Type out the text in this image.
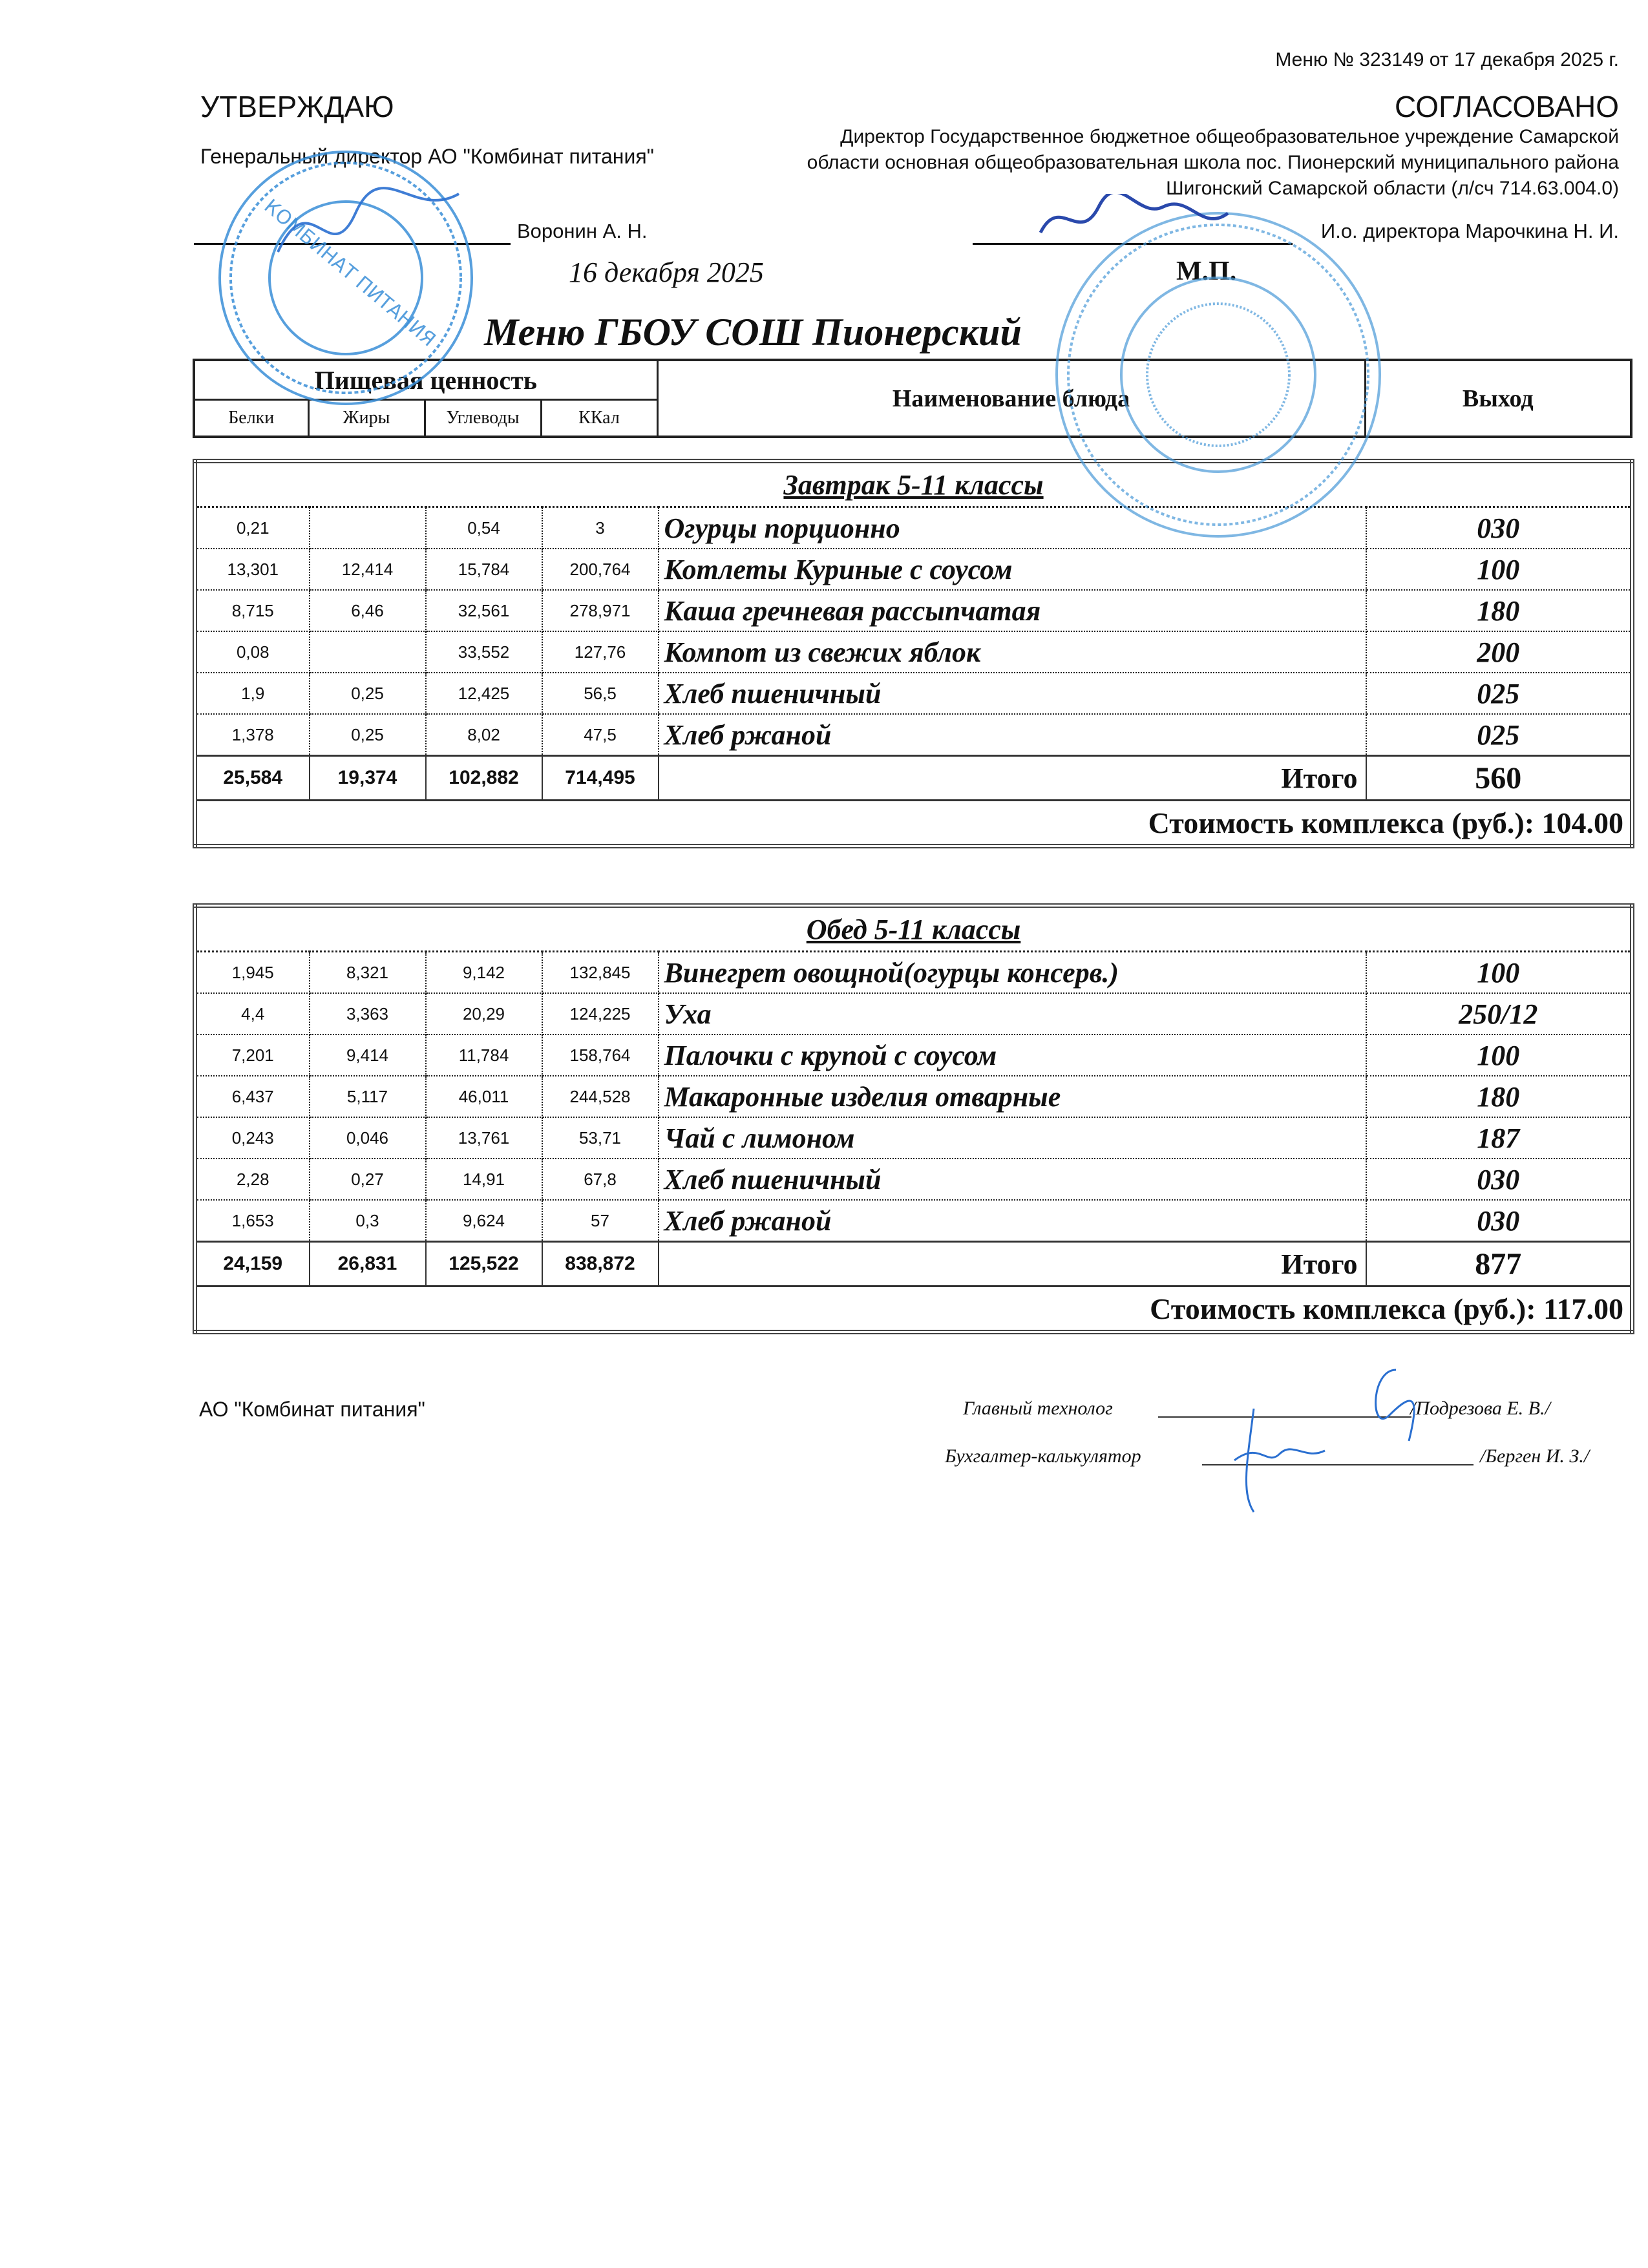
Меню № 323149 от 17 декабря 2025 г.
УТВЕРЖДАЮ
Генеральный директор АО "Комбинат питания"
Воронин А. Н.
16 декабря 2025
СОГЛАСОВАНО
Директор Государственное бюджетное общеобразовательное учреждение Самарской области основная общеобразовательная школа пос. Пионерский муниципального района Шигонский Самарской области (л/сч 714.63.004.0)
И.о. директора Марочкина Н. И.
М.П.
Меню ГБОУ СОШ Пионерский
Пищевая ценность				Наименование блюда	Выход
Белки	Жиры	Углеводы	ККал		
Завтрак 5-11 классы					
0,21		0,54	3	Огурцы порционно	030
13,301	12,414	15,784	200,764	Котлеты Куриные с соусом	100
8,715	6,46	32,561	278,971	Каша гречневая рассыпчатая	180
0,08		33,552	127,76	Компот из свежих яблок	200
1,9	0,25	12,425	56,5	Хлеб пшеничный	025
1,378	0,25	8,02	47,5	Хлеб ржаной	025
25,584	19,374	102,882	714,495	Итого	560
Стоимость комплекса (руб.): 104.00					
Обед 5-11 классы					
1,945	8,321	9,142	132,845	Винегрет овощной(огурцы консерв.)	100
4,4	3,363	20,29	124,225	Уха	250/12
7,201	9,414	11,784	158,764	Палочки с крупой с соусом	100
6,437	5,117	46,011	244,528	Макаронные изделия отварные	180
0,243	0,046	13,761	53,71	Чай с лимоном	187
2,28	0,27	14,91	67,8	Хлеб пшеничный	030
1,653	0,3	9,624	57	Хлеб ржаной	030
24,159	26,831	125,522	838,872	Итого	877
Стоимость комплекса (руб.): 117.00					
АО "Комбинат питания"	Главный технолог	/Подрезова Е. В./
Бухгалтер-калькулятор	/Берген И. З./
КОМБИНАТ ПИТАНИЯ
